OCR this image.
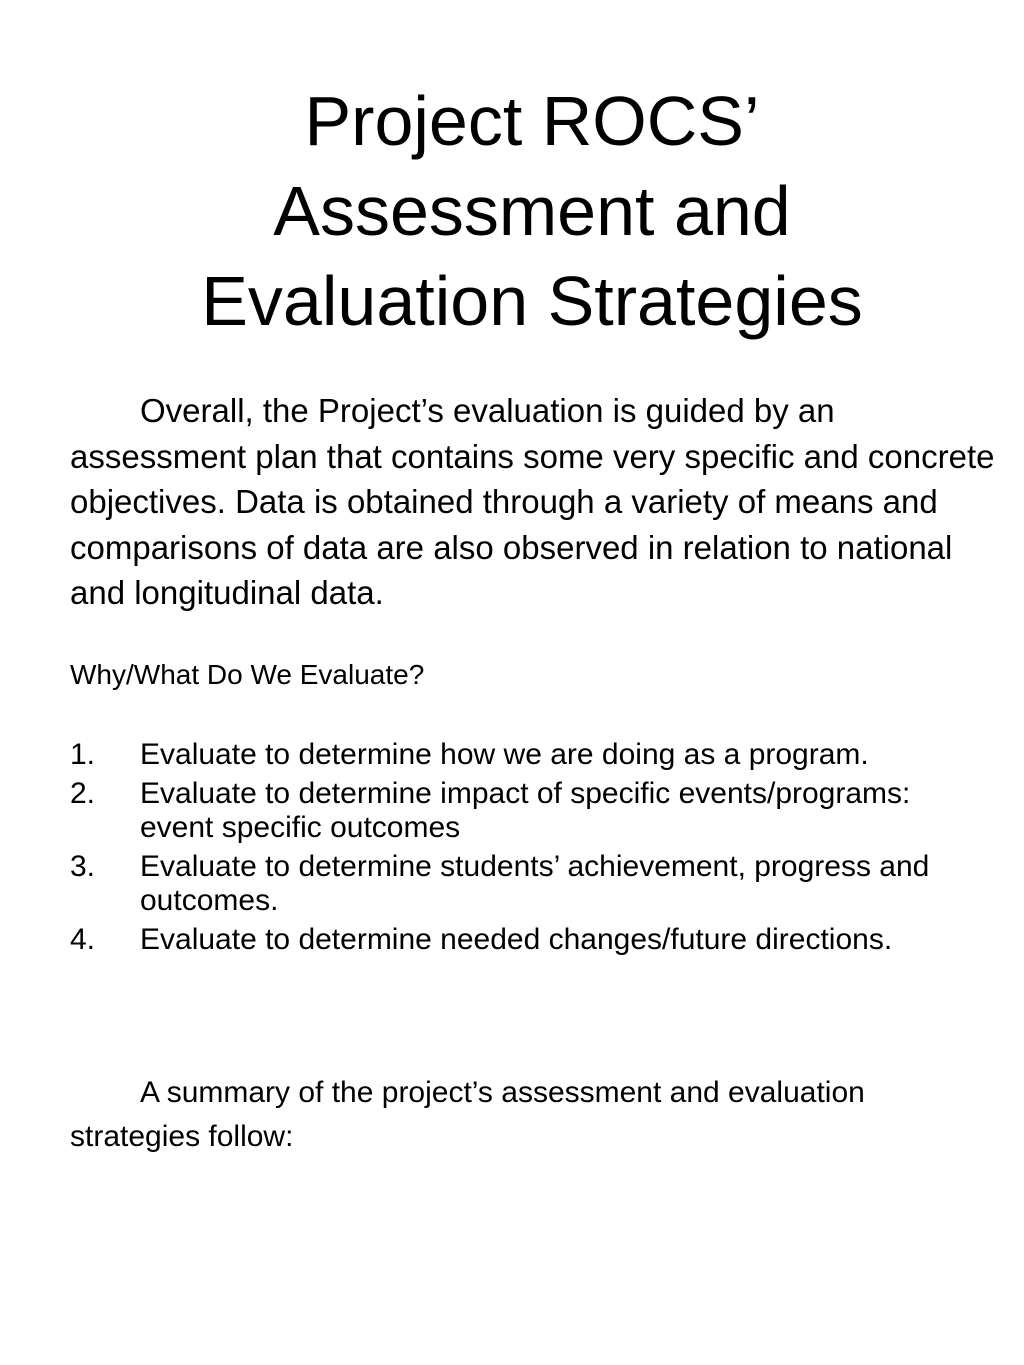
Project ROCS’
Assessment and
Evaluation Strategies

Overall, the Project’s evaluation is guided by an assessment plan that contains some very specific and concrete objectives. Data is obtained through a variety of means and comparisons of data are also observed in relation to national and longitudinal data.

Why/What Do We Evaluate?

1. Evaluate to determine how we are doing as a program.
2. Evaluate to determine impact of specific events/programs: event specific outcomes
3. Evaluate to determine students’ achievement, progress and outcomes.
4. Evaluate to determine needed changes/future directions.

A summary of the project’s assessment and evaluation strategies follow:
